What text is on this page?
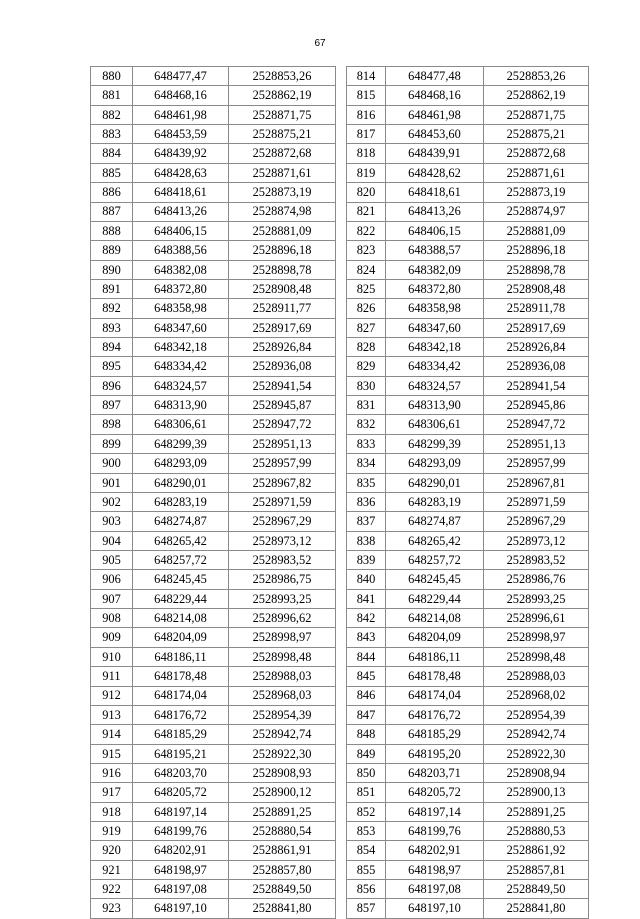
67
880	648477,47	2528853,26
881	648468,16	2528862,19
882	648461,98	2528871,75
883	648453,59	2528875,21
884	648439,92	2528872,68
885	648428,63	2528871,61
886	648418,61	2528873,19
887	648413,26	2528874,98
888	648406,15	2528881,09
889	648388,56	2528896,18
890	648382,08	2528898,78
891	648372,80	2528908,48
892	648358,98	2528911,77
893	648347,60	2528917,69
894	648342,18	2528926,84
895	648334,42	2528936,08
896	648324,57	2528941,54
897	648313,90	2528945,87
898	648306,61	2528947,72
899	648299,39	2528951,13
900	648293,09	2528957,99
901	648290,01	2528967,82
902	648283,19	2528971,59
903	648274,87	2528967,29
904	648265,42	2528973,12
905	648257,72	2528983,52
906	648245,45	2528986,75
907	648229,44	2528993,25
908	648214,08	2528996,62
909	648204,09	2528998,97
910	648186,11	2528998,48
911	648178,48	2528988,03
912	648174,04	2528968,03
913	648176,72	2528954,39
914	648185,29	2528942,74
915	648195,21	2528922,30
916	648203,70	2528908,93
917	648205,72	2528900,12
918	648197,14	2528891,25
919	648199,76	2528880,54
920	648202,91	2528861,91
921	648198,97	2528857,80
922	648197,08	2528849,50
923	648197,10	2528841,80
814	648477,48	2528853,26
815	648468,16	2528862,19
816	648461,98	2528871,75
817	648453,60	2528875,21
818	648439,91	2528872,68
819	648428,62	2528871,61
820	648418,61	2528873,19
821	648413,26	2528874,97
822	648406,15	2528881,09
823	648388,57	2528896,18
824	648382,09	2528898,78
825	648372,80	2528908,48
826	648358,98	2528911,78
827	648347,60	2528917,69
828	648342,18	2528926,84
829	648334,42	2528936,08
830	648324,57	2528941,54
831	648313,90	2528945,86
832	648306,61	2528947,72
833	648299,39	2528951,13
834	648293,09	2528957,99
835	648290,01	2528967,81
836	648283,19	2528971,59
837	648274,87	2528967,29
838	648265,42	2528973,12
839	648257,72	2528983,52
840	648245,45	2528986,76
841	648229,44	2528993,25
842	648214,08	2528996,61
843	648204,09	2528998,97
844	648186,11	2528998,48
845	648178,48	2528988,03
846	648174,04	2528968,02
847	648176,72	2528954,39
848	648185,29	2528942,74
849	648195,20	2528922,30
850	648203,71	2528908,94
851	648205,72	2528900,13
852	648197,14	2528891,25
853	648199,76	2528880,53
854	648202,91	2528861,92
855	648198,97	2528857,81
856	648197,08	2528849,50
857	648197,10	2528841,80
